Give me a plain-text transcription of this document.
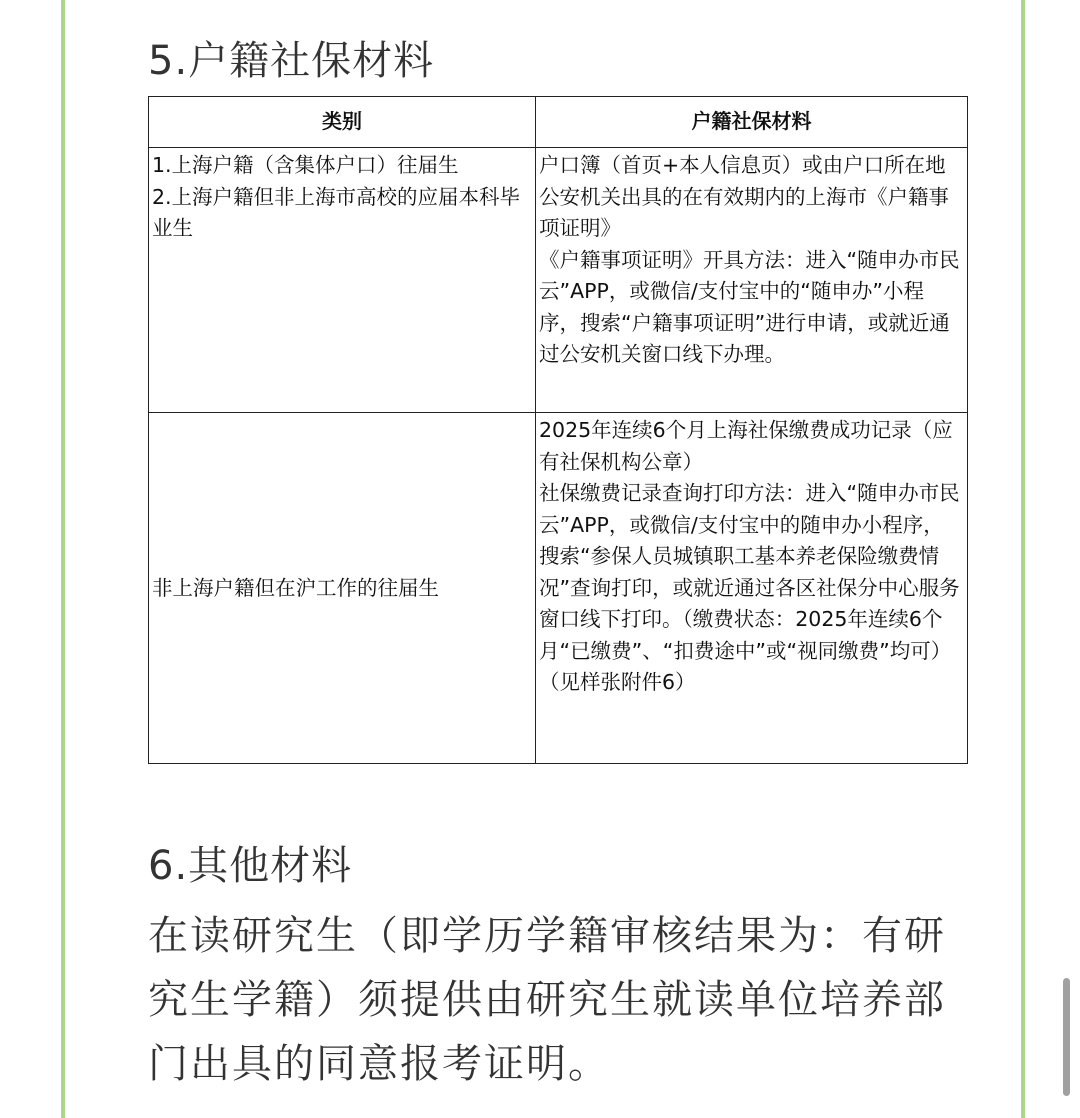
5.户籍社保材料
类别	户籍社保材料

1.上海户籍（含集体户口）往届生
2.上海户籍但非上海市高校的应届本科毕业生	户口簿（首页+本人信息页）或由户口所在地公安机关出具的在有效期内的上海市《户籍事项证明》
《户籍事项证明》开具方法：进入“随申办市民云”APP，或微信/支付宝中的“随申办”小程序，搜索“户籍事项证明”进行申请，或就近通过公安机关窗口线下办理。

非上海户籍但在沪工作的往届生	2025年连续6个月上海社保缴费成功记录（应有社保机构公章）
社保缴费记录查询打印方法：进入“随申办市民云”APP，或微信/支付宝中的随申办小程序，搜索“参保人员城镇职工基本养老保险缴费情况”查询打印，或就近通过各区社保分中心服务窗口线下打印。（缴费状态：2025年连续6个月“已缴费”、“扣费途中”或“视同缴费”均可）（见样张附件6）
6.其他材料
在读研究生（即学历学籍审核结果为：有研究生学籍）须提供由研究生就读单位培养部门出具的同意报考证明。
